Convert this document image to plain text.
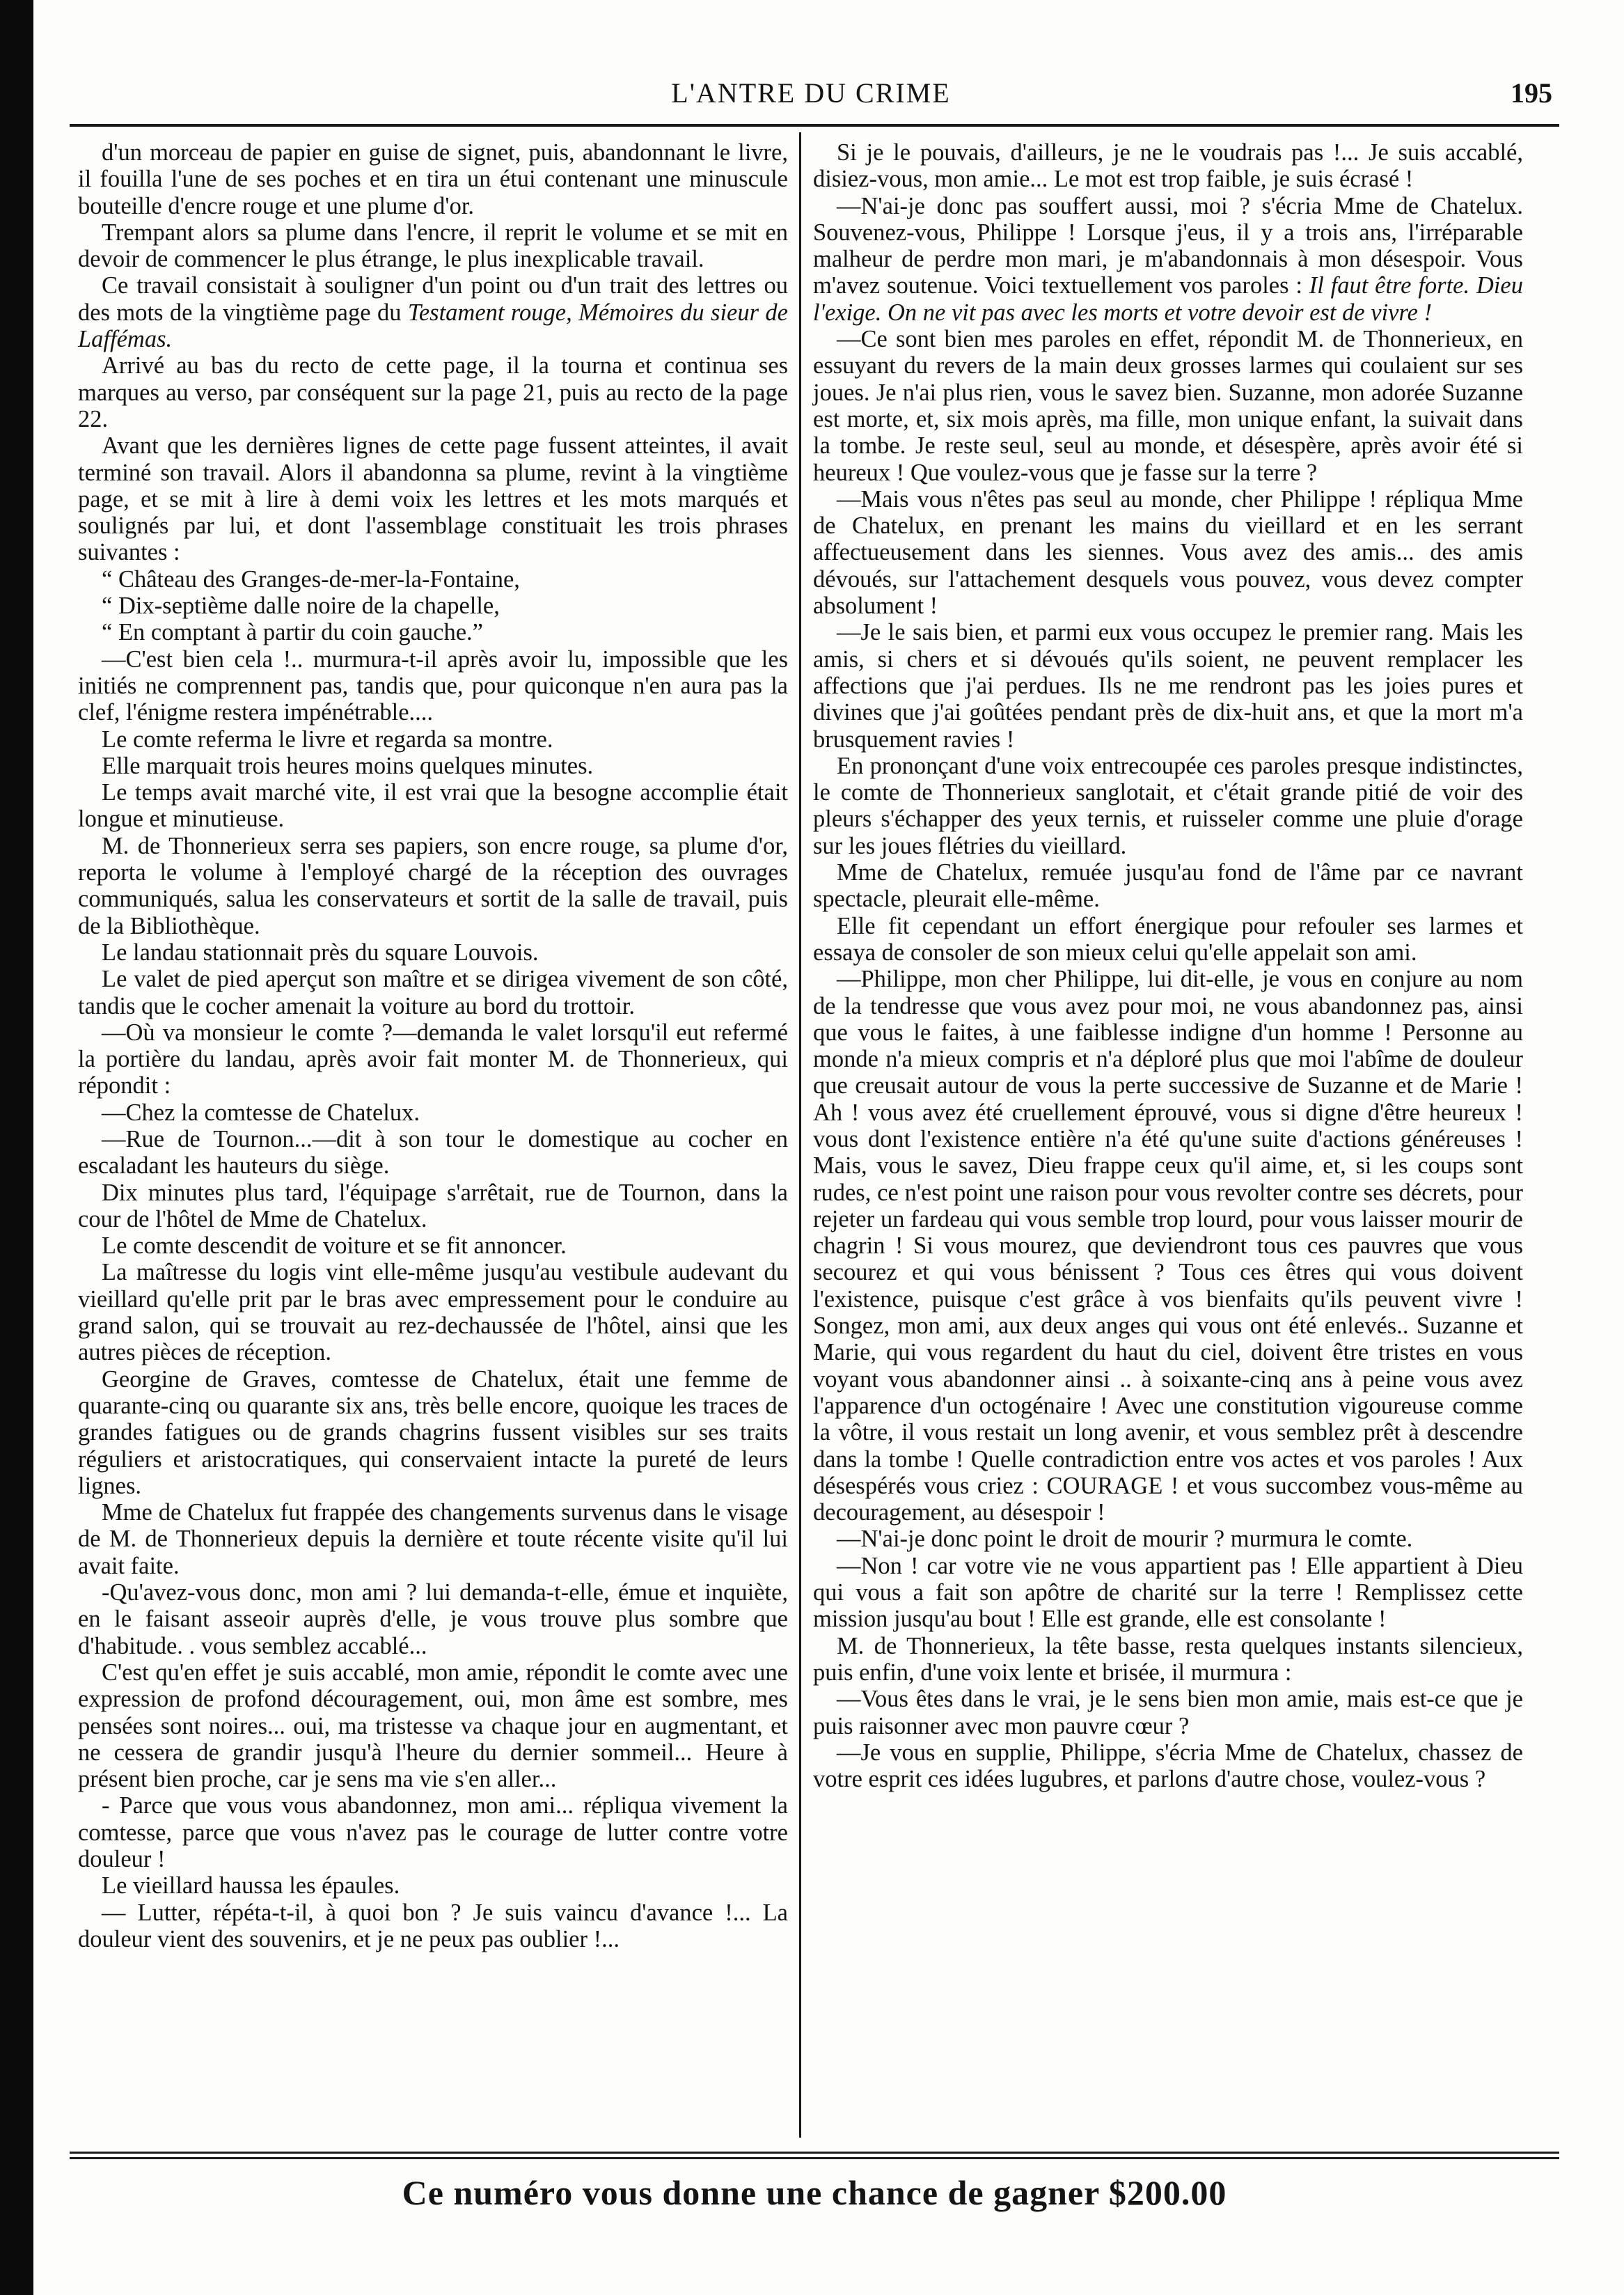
L'ANTRE DU CRIME	195

d'un morceau de papier en guise de signet, puis, abandonnant le livre, il fouilla l'une de ses poches et en tira un étui contenant une minuscule bouteille d'encre rouge et une plume d'or.

Trempant alors sa plume dans l'encre, il reprit le volume et se mit en devoir de commencer le plus étrange, le plus inexplicable travail.

Ce travail consistait à souligner d'un point ou d'un trait des lettres ou des mots de la vingtième page du Testament rouge, Mémoires du sieur de Laffémas.

Arrivé au bas du recto de cette page, il la tourna et continua ses marques au verso, par conséquent sur la page 21, puis au recto de la page 22.

Avant que les dernières lignes de cette page fussent atteintes, il avait terminé son travail. Alors il abandonna sa plume, revint à la vingtième page, et se mit à lire à demi voix les lettres et les mots marqués et soulignés par lui, et dont l'assemblage constituait les trois phrases suivantes :

“ Château des Granges-de-mer-la-Fontaine,

“ Dix-septième dalle noire de la chapelle,

“ En comptant à partir du coin gauche.”

—C'est bien cela !.. murmura-t-il après avoir lu, impossible que les initiés ne comprennent pas, tandis que, pour quiconque n'en aura pas la clef, l'énigme restera impénétrable....

Le comte referma le livre et regarda sa montre.

Elle marquait trois heures moins quelques minutes.

Le temps avait marché vite, il est vrai que la besogne accomplie était longue et minutieuse.

M. de Thonnerieux serra ses papiers, son encre rouge, sa plume d'or, reporta le volume à l'employé chargé de la réception des ouvrages communiqués, salua les conservateurs et sortit de la salle de travail, puis de la Bibliothèque.

Le landau stationnait près du square Louvois.

Le valet de pied aperçut son maître et se dirigea vivement de son côté, tandis que le cocher amenait la voiture au bord du trottoir.

—Où va monsieur le comte ?—demanda le valet lorsqu'il eut refermé la portière du landau, après avoir fait monter M. de Thonnerieux, qui répondit :

—Chez la comtesse de Chatelux.

—Rue de Tournon...—dit à son tour le domestique au cocher en escaladant les hauteurs du siège.

Dix minutes plus tard, l'équipage s'arrêtait, rue de Tournon, dans la cour de l'hôtel de Mme de Chatelux.

Le comte descendit de voiture et se fit annoncer.

La maîtresse du logis vint elle-même jusqu'au vestibule audevant du vieillard qu'elle prit par le bras avec empressement pour le conduire au grand salon, qui se trouvait au rez-dechaussée de l'hôtel, ainsi que les autres pièces de réception.

Georgine de Graves, comtesse de Chatelux, était une femme de quarante-cinq ou quarante six ans, très belle encore, quoique les traces de grandes fatigues ou de grands chagrins fussent visibles sur ses traits réguliers et aristocratiques, qui conservaient intacte la pureté de leurs lignes.

Mme de Chatelux fut frappée des changements survenus dans le visage de M. de Thonnerieux depuis la dernière et toute récente visite qu'il lui avait faite.

-Qu'avez-vous donc, mon ami ? lui demanda-t-elle, émue et inquiète, en le faisant asseoir auprès d'elle, je vous trouve plus sombre que d'habitude. . vous semblez accablé...

C'est qu'en effet je suis accablé, mon amie, répondit le comte avec une expression de profond découragement, oui, mon âme est sombre, mes pensées sont noires... oui, ma tristesse va chaque jour en augmentant, et ne cessera de grandir jusqu'à l'heure du dernier sommeil... Heure à présent bien proche, car je sens ma vie s'en aller...

- Parce que vous vous abandonnez, mon ami... répliqua vivement la comtesse, parce que vous n'avez pas le courage de lutter contre votre douleur !

Le vieillard haussa les épaules.

— Lutter, répéta-t-il, à quoi bon ? Je suis vaincu d'avance !... La douleur vient des souvenirs, et je ne peux pas oublier !...

Si je le pouvais, d'ailleurs, je ne le voudrais pas !... Je suis accablé, disiez-vous, mon amie... Le mot est trop faible, je suis écrasé !

—N'ai-je donc pas souffert aussi, moi ? s'écria Mme de Chatelux. Souvenez-vous, Philippe ! Lorsque j'eus, il y a trois ans, l'irréparable malheur de perdre mon mari, je m'abandonnais à mon désespoir. Vous m'avez soutenue. Voici textuellement vos paroles : Il faut être forte. Dieu l'exige. On ne vit pas avec les morts et votre devoir est de vivre !

—Ce sont bien mes paroles en effet, répondit M. de Thonnerieux, en essuyant du revers de la main deux grosses larmes qui coulaient sur ses joues. Je n'ai plus rien, vous le savez bien. Suzanne, mon adorée Suzanne est morte, et, six mois après, ma fille, mon unique enfant, la suivait dans la tombe. Je reste seul, seul au monde, et désespère, après avoir été si heureux ! Que voulez-vous que je fasse sur la terre ?

—Mais vous n'êtes pas seul au monde, cher Philippe ! répliqua Mme de Chatelux, en prenant les mains du vieillard et en les serrant affectueusement dans les siennes. Vous avez des amis... des amis dévoués, sur l'attachement desquels vous pouvez, vous devez compter absolument !

—Je le sais bien, et parmi eux vous occupez le premier rang. Mais les amis, si chers et si dévoués qu'ils soient, ne peuvent remplacer les affections que j'ai perdues. Ils ne me rendront pas les joies pures et divines que j'ai goûtées pendant près de dix-huit ans, et que la mort m'a brusquement ravies !

En prononçant d'une voix entrecoupée ces paroles presque indistinctes, le comte de Thonnerieux sanglotait, et c'était grande pitié de voir des pleurs s'échapper des yeux ternis, et ruisseler comme une pluie d'orage sur les joues flétries du vieillard.

Mme de Chatelux, remuée jusqu'au fond de l'âme par ce navrant spectacle, pleurait elle-même.

Elle fit cependant un effort énergique pour refouler ses larmes et essaya de consoler de son mieux celui qu'elle appelait son ami.

—Philippe, mon cher Philippe, lui dit-elle, je vous en conjure au nom de la tendresse que vous avez pour moi, ne vous abandonnez pas, ainsi que vous le faites, à une faiblesse indigne d'un homme ! Personne au monde n'a mieux compris et n'a déploré plus que moi l'abîme de douleur que creusait autour de vous la perte successive de Suzanne et de Marie ! Ah ! vous avez été cruellement éprouvé, vous si digne d'être heureux ! vous dont l'existence entière n'a été qu'une suite d'actions généreuses ! Mais, vous le savez, Dieu frappe ceux qu'il aime, et, si les coups sont rudes, ce n'est point une raison pour vous revolter contre ses décrets, pour rejeter un fardeau qui vous semble trop lourd, pour vous laisser mourir de chagrin ! Si vous mourez, que deviendront tous ces pauvres que vous secourez et qui vous bénissent ? Tous ces êtres qui vous doivent l'existence, puisque c'est grâce à vos bienfaits qu'ils peuvent vivre ! Songez, mon ami, aux deux anges qui vous ont été enlevés.. Suzanne et Marie, qui vous regardent du haut du ciel, doivent être tristes en vous voyant vous abandonner ainsi .. à soixante-cinq ans à peine vous avez l'apparence d'un octogénaire ! Avec une constitution vigoureuse comme la vôtre, il vous restait un long avenir, et vous semblez prêt à descendre dans la tombe ! Quelle contradiction entre vos actes et vos paroles ! Aux désespérés vous criez : COURAGE ! et vous succombez vous-même au decouragement, au désespoir !

—N'ai-je donc point le droit de mourir ? murmura le comte.

—Non ! car votre vie ne vous appartient pas ! Elle appartient à Dieu qui vous a fait son apôtre de charité sur la terre ! Remplissez cette mission jusqu'au bout ! Elle est grande, elle est consolante !

M. de Thonnerieux, la tête basse, resta quelques instants silencieux, puis enfin, d'une voix lente et brisée, il murmura :

—Vous êtes dans le vrai, je le sens bien mon amie, mais est-ce que je puis raisonner avec mon pauvre cœur ?

—Je vous en supplie, Philippe, s'écria Mme de Chatelux, chassez de votre esprit ces idées lugubres, et parlons d'autre chose, voulez-vous ?

Ce numéro vous donne une chance de gagner $200.00
